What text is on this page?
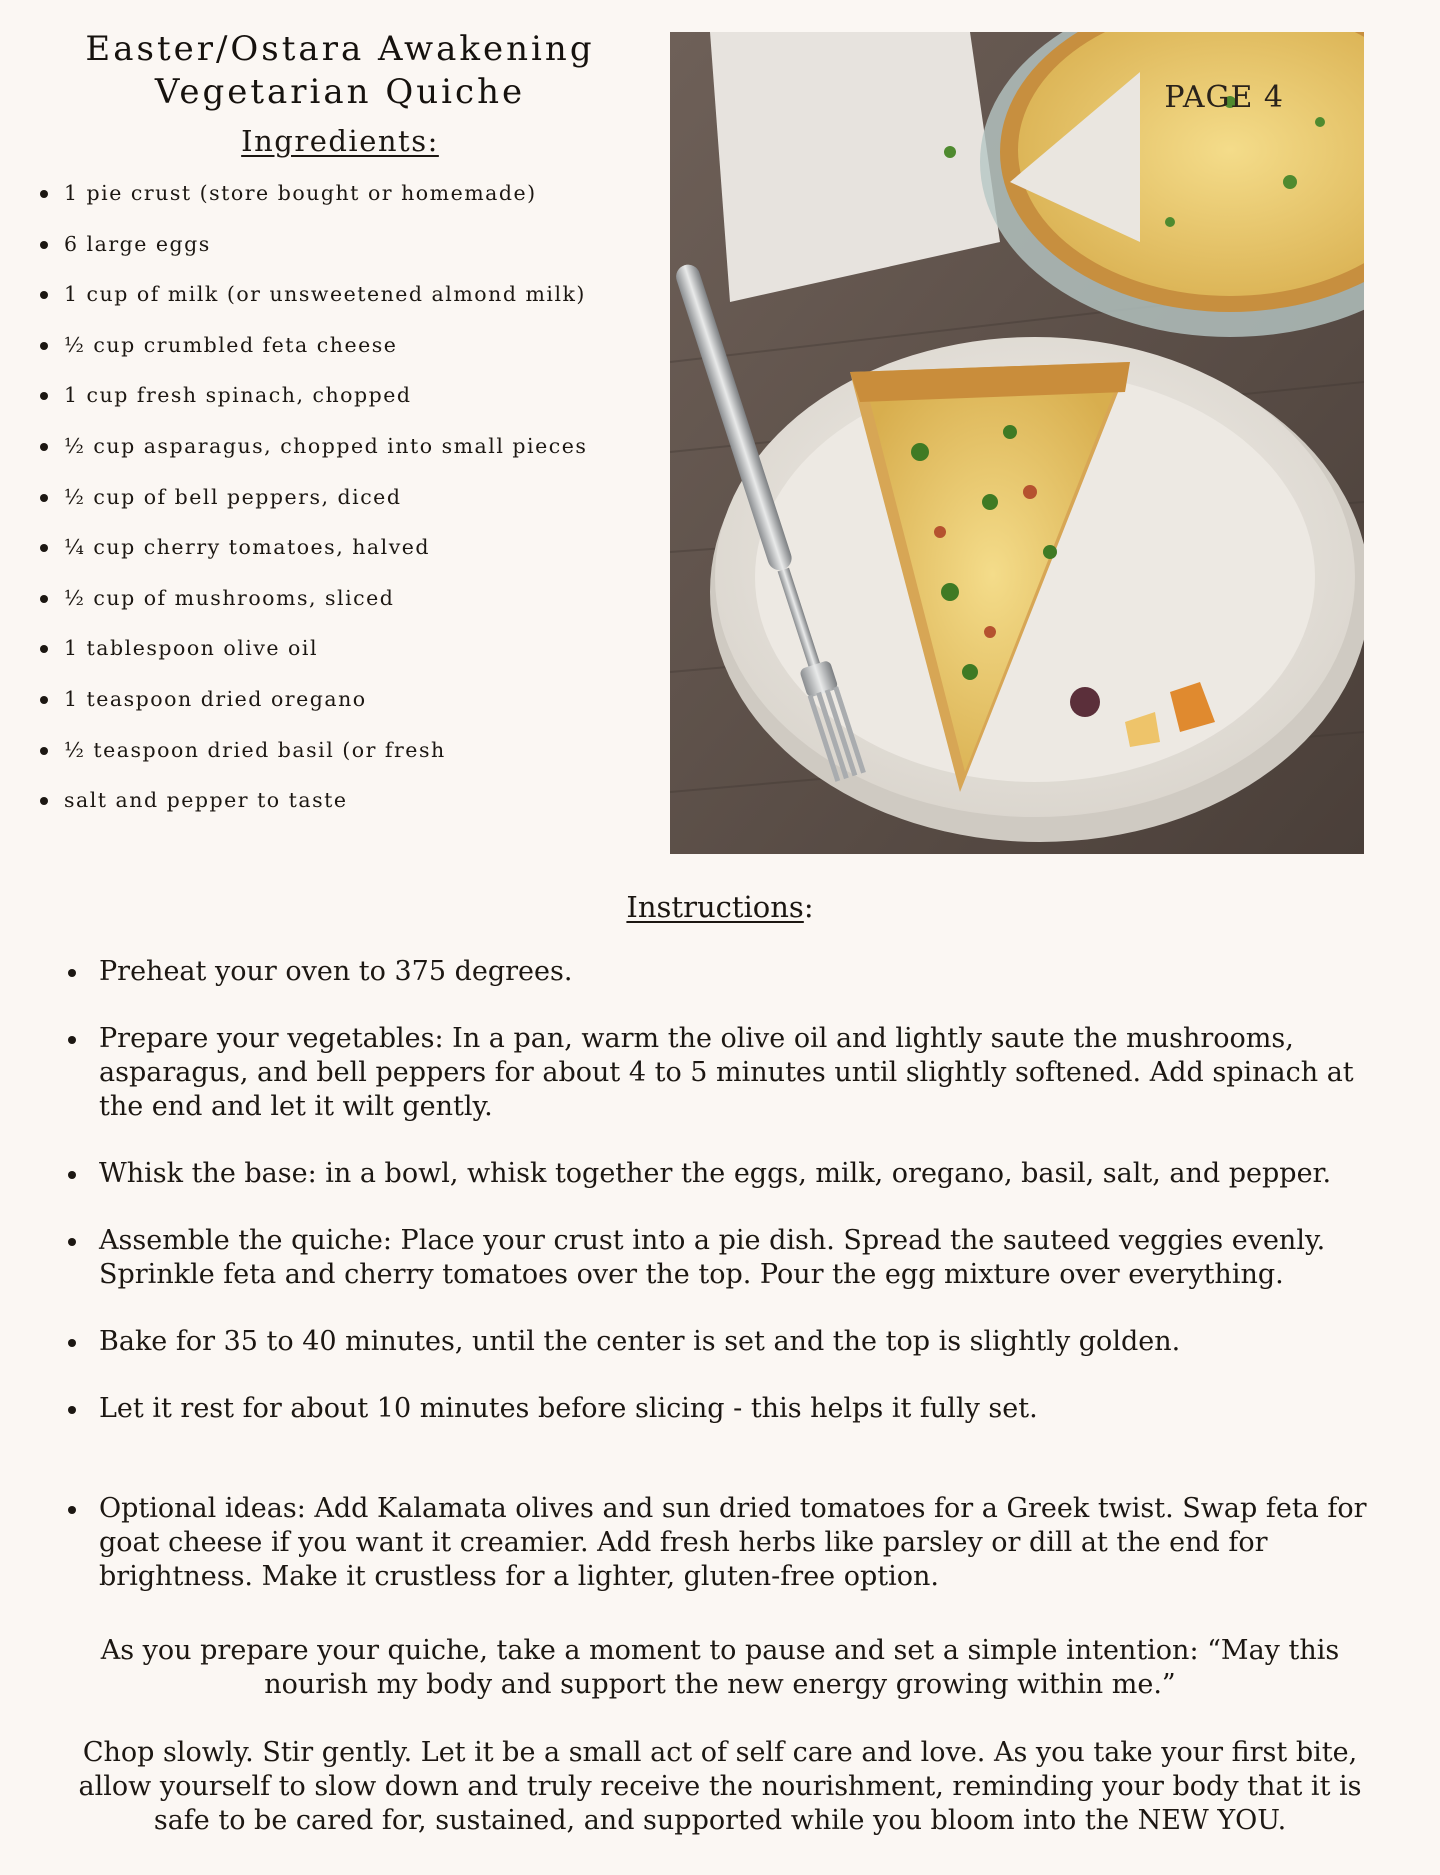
Easter/Ostara Awakening
Vegetarian Quiche
Ingredients:
1 pie crust (store bought or homemade)
6 large eggs
1 cup of milk (or unsweetened almond milk)
½ cup crumbled feta cheese
1 cup fresh spinach, chopped
½ cup asparagus, chopped into small pieces
½ cup of bell peppers, diced
¼ cup cherry tomatoes, halved
½ cup of mushrooms, sliced
1 tablespoon olive oil
1 teaspoon dried oregano
½ teaspoon dried basil (or fresh
salt and pepper to taste
PAGE 4
Instructions:
Preheat your oven to 375 degrees.
Prepare your vegetables: In a pan, warm the olive oil and lightly saute the mushrooms, asparagus, and bell peppers for about 4 to 5 minutes until slightly softened. Add spinach at the end and let it wilt gently.
Whisk the base: in a bowl, whisk together the eggs, milk, oregano, basil, salt, and pepper.
Assemble the quiche: Place your crust into a pie dish. Spread the sauteed veggies evenly. Sprinkle feta and cherry tomatoes over the top. Pour the egg mixture over everything.
Bake for 35 to 40 minutes, until the center is set and the top is slightly golden.
Let it rest for about 10 minutes before slicing - this helps it fully set.
Optional ideas: Add Kalamata olives and sun dried tomatoes for a Greek twist. Swap feta for goat cheese if you want it creamier. Add fresh herbs like parsley or dill at the end for brightness. Make it crustless for a lighter, gluten-free option.

As you prepare your quiche, take a moment to pause and set a simple intention: “May this nourish my body and support the new energy growing within me.”

Chop slowly. Stir gently. Let it be a small act of self care and love. As you take your first bite, allow yourself to slow down and truly receive the nourishment, reminding your body that it is safe to be cared for, sustained, and supported while you bloom into the NEW YOU.
